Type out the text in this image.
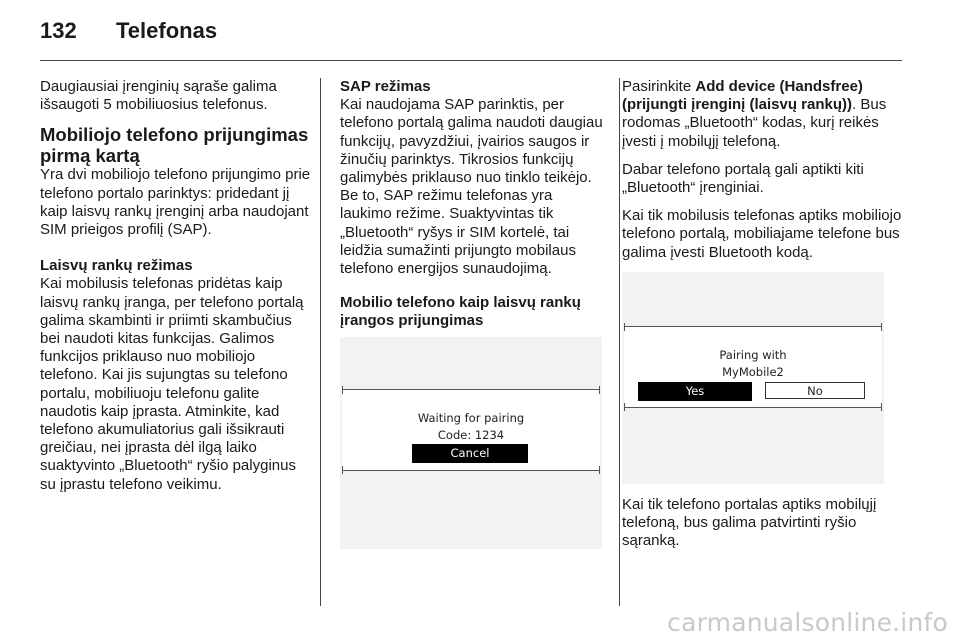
132 Telefonas

Daugiausiai įrenginių sąraše galima išsaugoti 5 mobiliuosius telefonus.

Mobiliojo telefono prijungimas pirmą kartą

Yra dvi mobiliojo telefono prijungimo prie telefono portalo parinktys: pridedant jį kaip laisvų rankų įrenginį arba naudojant SIM prieigos profilį (SAP).

Laisvų rankų režimas

Kai mobilusis telefonas pridėtas kaip laisvų rankų įranga, per telefono portalą galima skambinti ir priimti skambučius bei naudoti kitas funkcijas. Galimos funkcijos priklauso nuo mobiliojo telefono. Kai jis sujungtas su telefono portalu, mobiliuoju telefonu galite naudotis kaip įprasta. Atminkite, kad telefono akumuliatorius gali išsikrauti greičiau, nei įprasta dėl ilgą laiko suaktyvinto „Bluetooth“ ryšio palyginus su įprastu telefono veikimu.

SAP režimas

Kai naudojama SAP parinktis, per telefono portalą galima naudoti daugiau funkcijų, pavyzdžiui, įvairios saugos ir žinučių parinktys. Tikrosios funkcijų galimybės priklauso nuo tinklo teikėjo. Be to, SAP režimu telefonas yra laukimo režime. Suaktyvintas tik „Bluetooth“ ryšys ir SIM kortelė, tai leidžia sumažinti prijungto mobilaus telefono energijos sunaudojimą.

Mobilio telefono kaip laisvų rankų įrangos prijungimas
Waiting for pairing
Code: 1234
Cancel

Pasirinkite Add device (Handsfree) (prijungti įrenginį (laisvų rankų)). Bus rodomas „Bluetooth“ kodas, kurį reikės įvesti į mobilųjį telefoną.

Dabar telefono portalą gali aptikti kiti „Bluetooth“ įrenginiai.

Kai tik mobilusis telefonas aptiks mobiliojo telefono portalą, mobiliajame telefone bus galima įvesti Bluetooth kodą.

Pairing with
MyMobile2
Yes	No

Kai tik telefono portalas aptiks mobilųjį telefoną, bus galima patvirtinti ryšio sąranką.

carmanualsonline.info
